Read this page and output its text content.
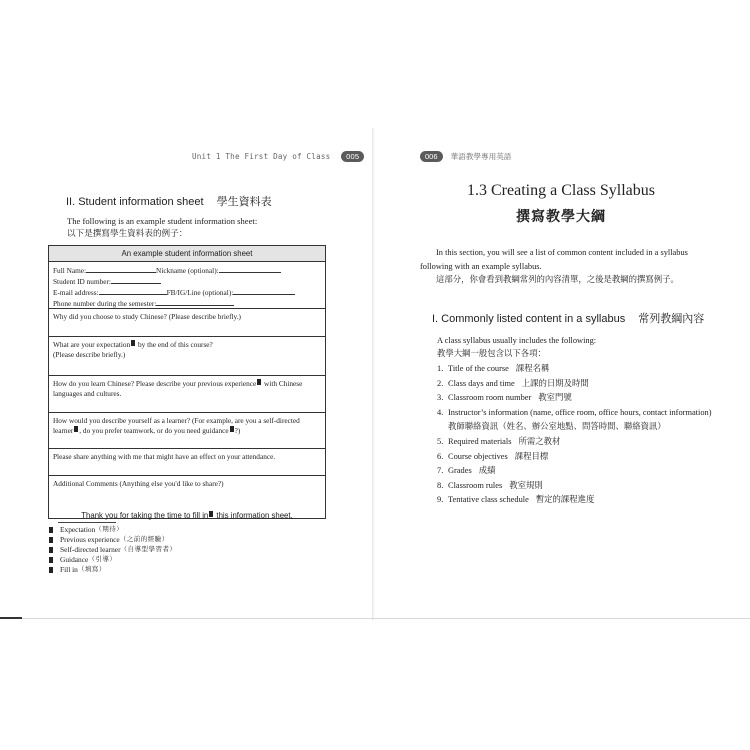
Unit 1 The First Day of Class 005
II. Student information sheet 學生資料表
The following is an example student information sheet:
以下是撰寫學生資料表的例子：
An example student information sheet
Full Name:	Nickname (optional):
Student ID number:
E-mail address:	FB/IG/Line (optional):
Phone number during the semester:
Why did you choose to study Chinese? (Please describe briefly.)
What are your expectation by the end of this course?
(Please describe briefly.)
How do you learn Chinese? Please describe your previous experience with Chinese languages and cultures.
How would you describe yourself as a learner? (For example, are you a self-directed learner , do you prefer teamwork, or do you need guidance ?)
Please share anything with me that might have an effect on your attendance.
Additional Comments (Anything else you'd like to share?)
Thank you for taking the time to fill in this information sheet.
Expectation （期待）
Previous experience （之前的經驗）
Self-directed learner （自導型學習者）
Guidance （引導）
Fill in （填寫）
006 華語教學專用英語
1.3 Creating a Class Syllabus
撰寫教學大綱
In this section, you will see a list of common content included in a syllabus
following with an example syllabus.
這部分，你會看到教綱常列的內容清單，之後是教綱的撰寫例子。
I. Commonly listed content in a syllabus 常列教綱內容
A class syllabus usually includes the following:
教學大綱一般包含以下各項：
1. Title of the course 課程名稱
2. Class days and time 上課的日期及時間
3. Classroom room number 教室門號
4. Instructor’s information (name, office room, office hours, contact information)
教師聯絡資訊（姓名、辦公室地點、問答時間、聯絡資訊）
5. Required materials 所需之教材
6. Course objectives 課程目標
7. Grades 成績
8. Classroom rules 教室規則
9. Tentative class schedule 暫定的課程進度
